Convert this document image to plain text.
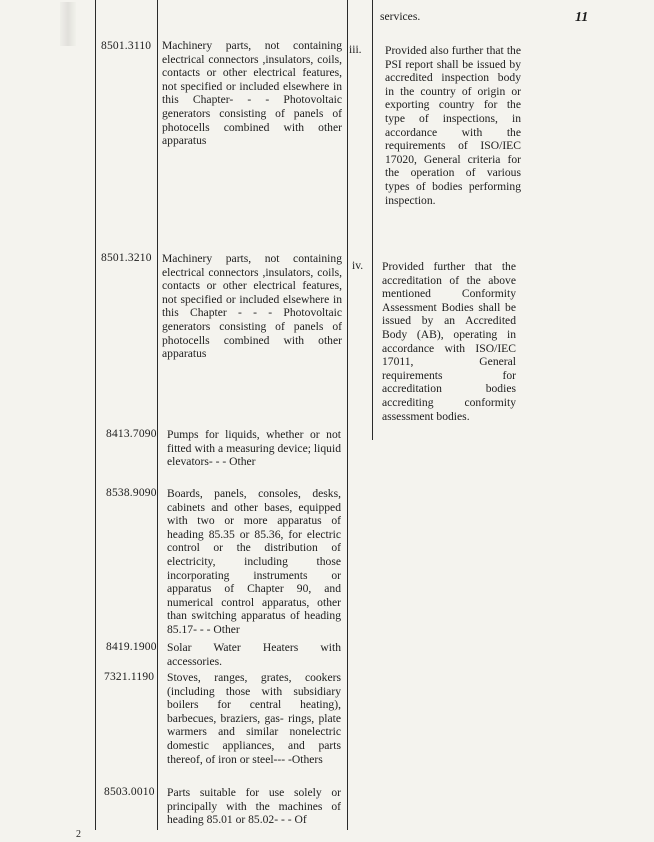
11
services.
8501.3110
8501.3210
8413.7090
8538.9090
8419.1900
7321.1190
8503.0010
Machinery parts, not containing electrical connectors ,insulators, coils, contacts or other electrical features, not specified or included elsewhere in this Chapter- - - Photovoltaic generators consisting of panels of photocells combined with other apparatus
Machinery parts, not containing electrical connectors ,insulators, coils, contacts or other electrical features, not specified or included elsewhere in this Chapter - - - Photovoltaic generators consisting of panels of photocells combined with other apparatus
Pumps for liquids, whether or not fitted with a measuring device; liquid elevators- - - Other
Boards, panels, consoles, desks, cabinets and other bases, equipped with two or more apparatus of heading 85.35 or 85.36, for electric control or the distribution of electricity, including those incorporating instruments or apparatus of Chapter 90, and numerical control apparatus, other than switching apparatus of heading 85.17- - - Other
Solar Water Heaters with accessories.
Stoves, ranges, grates, cookers (including those with subsidiary boilers for central heating), barbecues, braziers, gas- rings, plate warmers and similar nonelectric domestic appliances, and parts thereof, of iron or steel--- -Others
Parts suitable for use solely or principally with the machines of heading 85.01 or 85.02- - - Of
iii.
iv.
Provided also further that the PSI report shall be issued by accredited inspection body in the country of origin or exporting country for the type of inspections, in accordance with the requirements of ISO/IEC 17020, General criteria for the operation of various types of bodies performing inspection.
Provided further that the accreditation of the above mentioned Conformity Assessment Bodies shall be issued by an Accredited Body (AB), operating in accordance with ISO/IEC 17011, General requirements for accreditation bodies accrediting conformity assessment bodies.
2
